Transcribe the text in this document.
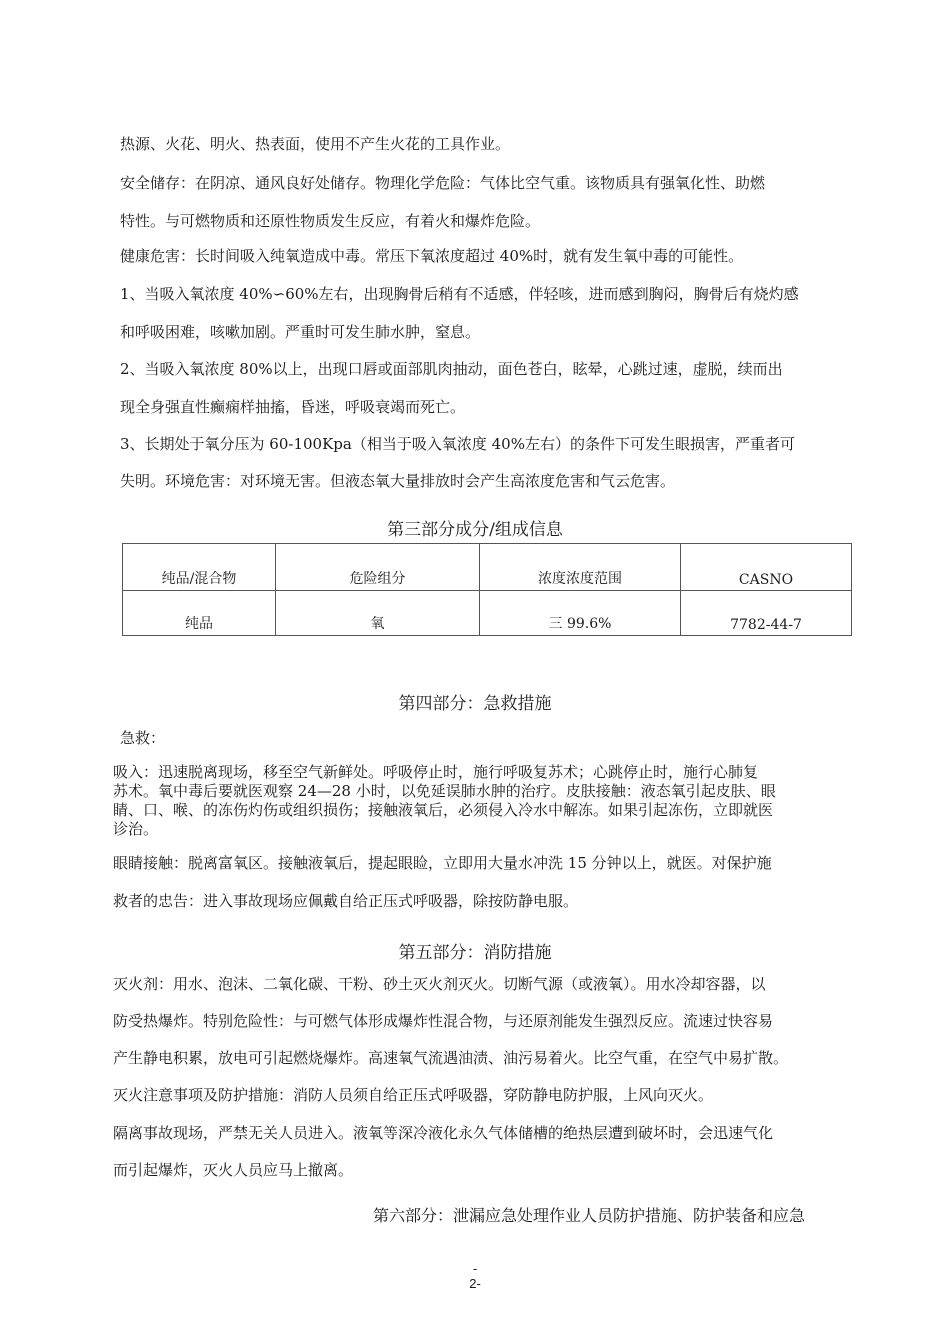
热源、火花、明火、热表面，使用不产生火花的工具作业。
安全储存：在阴凉、通风良好处储存。物理化学危险：气体比空气重。该物质具有强氧化性、助燃
特性。与可燃物质和还原性物质发生反应，有着火和爆炸危险。
健康危害：长时间吸入纯氧造成中毒。常压下氧浓度超过 40%时，就有发生氧中毒的可能性。
1、当吸入氧浓度 40%∽60%左右，出现胸骨后稍有不适感，伴轻咳，进而感到胸闷，胸骨后有烧灼感
和呼吸困难，咳嗽加剧。严重时可发生肺水肿，窒息。
2、当吸入氧浓度 80%以上，出现口唇或面部肌肉抽动，面色苍白，眩晕，心跳过速，虚脱，续而出
现全身强直性癫痫样抽搐，昏迷，呼吸衰竭而死亡。
3、长期处于氧分压为 60-100Kpa（相当于吸入氧浓度 40%左右）的条件下可发生眼损害，严重者可
失明。环境危害：对环境无害。但液态氧大量排放时会产生高浓度危害和气云危害。
第三部分成分/组成信息
纯品/混合物	危险组分	浓度浓度范围	CASNO
纯品	氧	三 99.6%	7782-44-7
第四部分：急救措施
急救：
吸入：迅速脱离现场，移至空气新鲜处。呼吸停止时，施行呼吸复苏术；心跳停止时，施行心肺复
苏术。氧中毒后要就医观察 24—28 小时，以免延误肺水肿的治疗。皮肤接触：液态氧引起皮肤、眼
睛、口、喉、的冻伤灼伤或组织损伤；接触液氧后，必须侵入冷水中解冻。如果引起冻伤，立即就医
诊治。
眼睛接触：脱离富氧区。接触液氧后，提起眼睑，立即用大量水冲洗 15 分钟以上，就医。对保护施
救者的忠告：进入事故现场应佩戴自给正压式呼吸器，除按防静电服。
第五部分：消防措施
灭火剂：用水、泡沫、二氧化碳、干粉、砂土灭火剂灭火。切断气源（或液氧）。用水冷却容器，以
防受热爆炸。特别危险性：与可燃气体形成爆炸性混合物，与还原剂能发生强烈反应。流速过快容易
产生静电积累，放电可引起燃烧爆炸。高速氧气流遇油渍、油污易着火。比空气重，在空气中易扩散。
灭火注意事项及防护措施：消防人员须自给正压式呼吸器，穿防静电防护服，上风向灭火。
隔离事故现场，严禁无关人员进入。液氧等深冷液化永久气体储槽的绝热层遭到破坏时，会迅速气化
而引起爆炸，灭火人员应马上撤离。
第六部分：泄漏应急处理作业人员防护措施、防护装备和应急
-
2-
